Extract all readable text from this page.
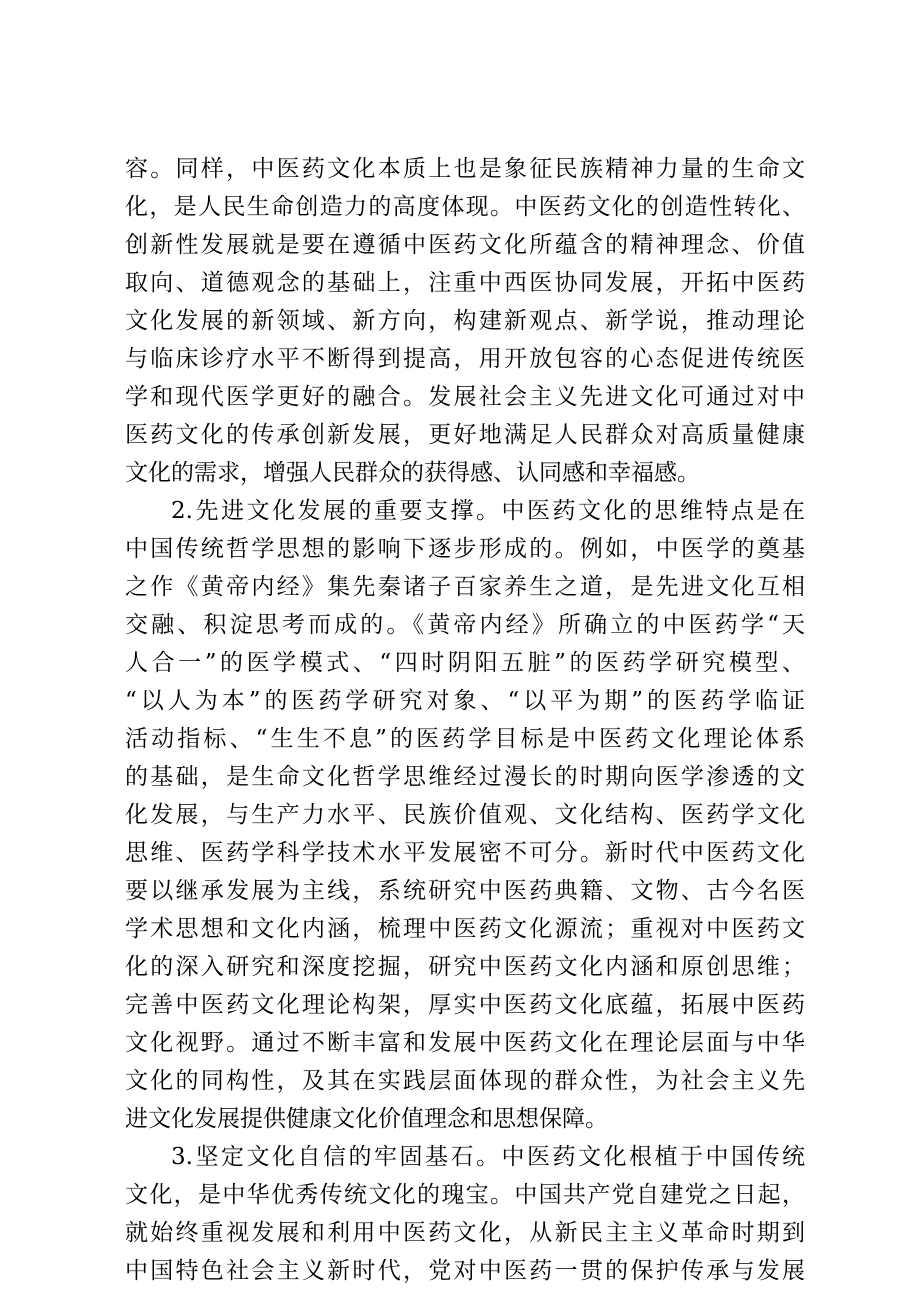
容。同样，中医药文化本质上也是象征民族精神力量的生命文
化，是人民生命创造力的高度体现。中医药文化的创造性转化、
创新性发展就是要在遵循中医药文化所蕴含的精神理念、价值
取向、道德观念的基础上，注重中西医协同发展，开拓中医药
文化发展的新领域、新方向，构建新观点、新学说，推动理论
与临床诊疗水平不断得到提高，用开放包容的心态促进传统医
学和现代医学更好的融合。发展社会主义先进文化可通过对中
医药文化的传承创新发展，更好地满足人民群众对高质量健康
文化的需求，增强人民群众的获得感、认同感和幸福感。
2.先进文化发展的重要支撑。中医药文化的思维特点是在
中国传统哲学思想的影响下逐步形成的。例如，中医学的奠基
之作《黄帝内经》集先秦诸子百家养生之道，是先进文化互相
交融、积淀思考而成的。《黄帝内经》所确立的中医药学“天
人合一”的医学模式、“四时阴阳五脏”的医药学研究模型、
“以人为本”的医药学研究对象、“以平为期”的医药学临证
活动指标、“生生不息”的医药学目标是中医药文化理论体系
的基础，是生命文化哲学思维经过漫长的时期向医学渗透的文
化发展，与生产力水平、民族价值观、文化结构、医药学文化
思维、医药学科学技术水平发展密不可分。新时代中医药文化
要以继承发展为主线，系统研究中医药典籍、文物、古今名医
学术思想和文化内涵，梳理中医药文化源流；重视对中医药文
化的深入研究和深度挖掘，研究中医药文化内涵和原创思维；
完善中医药文化理论构架，厚实中医药文化底蕴，拓展中医药
文化视野。通过不断丰富和发展中医药文化在理论层面与中华
文化的同构性，及其在实践层面体现的群众性，为社会主义先
进文化发展提供健康文化价值理念和思想保障。
3.坚定文化自信的牢固基石。中医药文化根植于中国传统
文化，是中华优秀传统文化的瑰宝。中国共产党自建党之日起，
就始终重视发展和利用中医药文化，从新民主主义革命时期到
中国特色社会主义新时代，党对中医药一贯的保护传承与发展
